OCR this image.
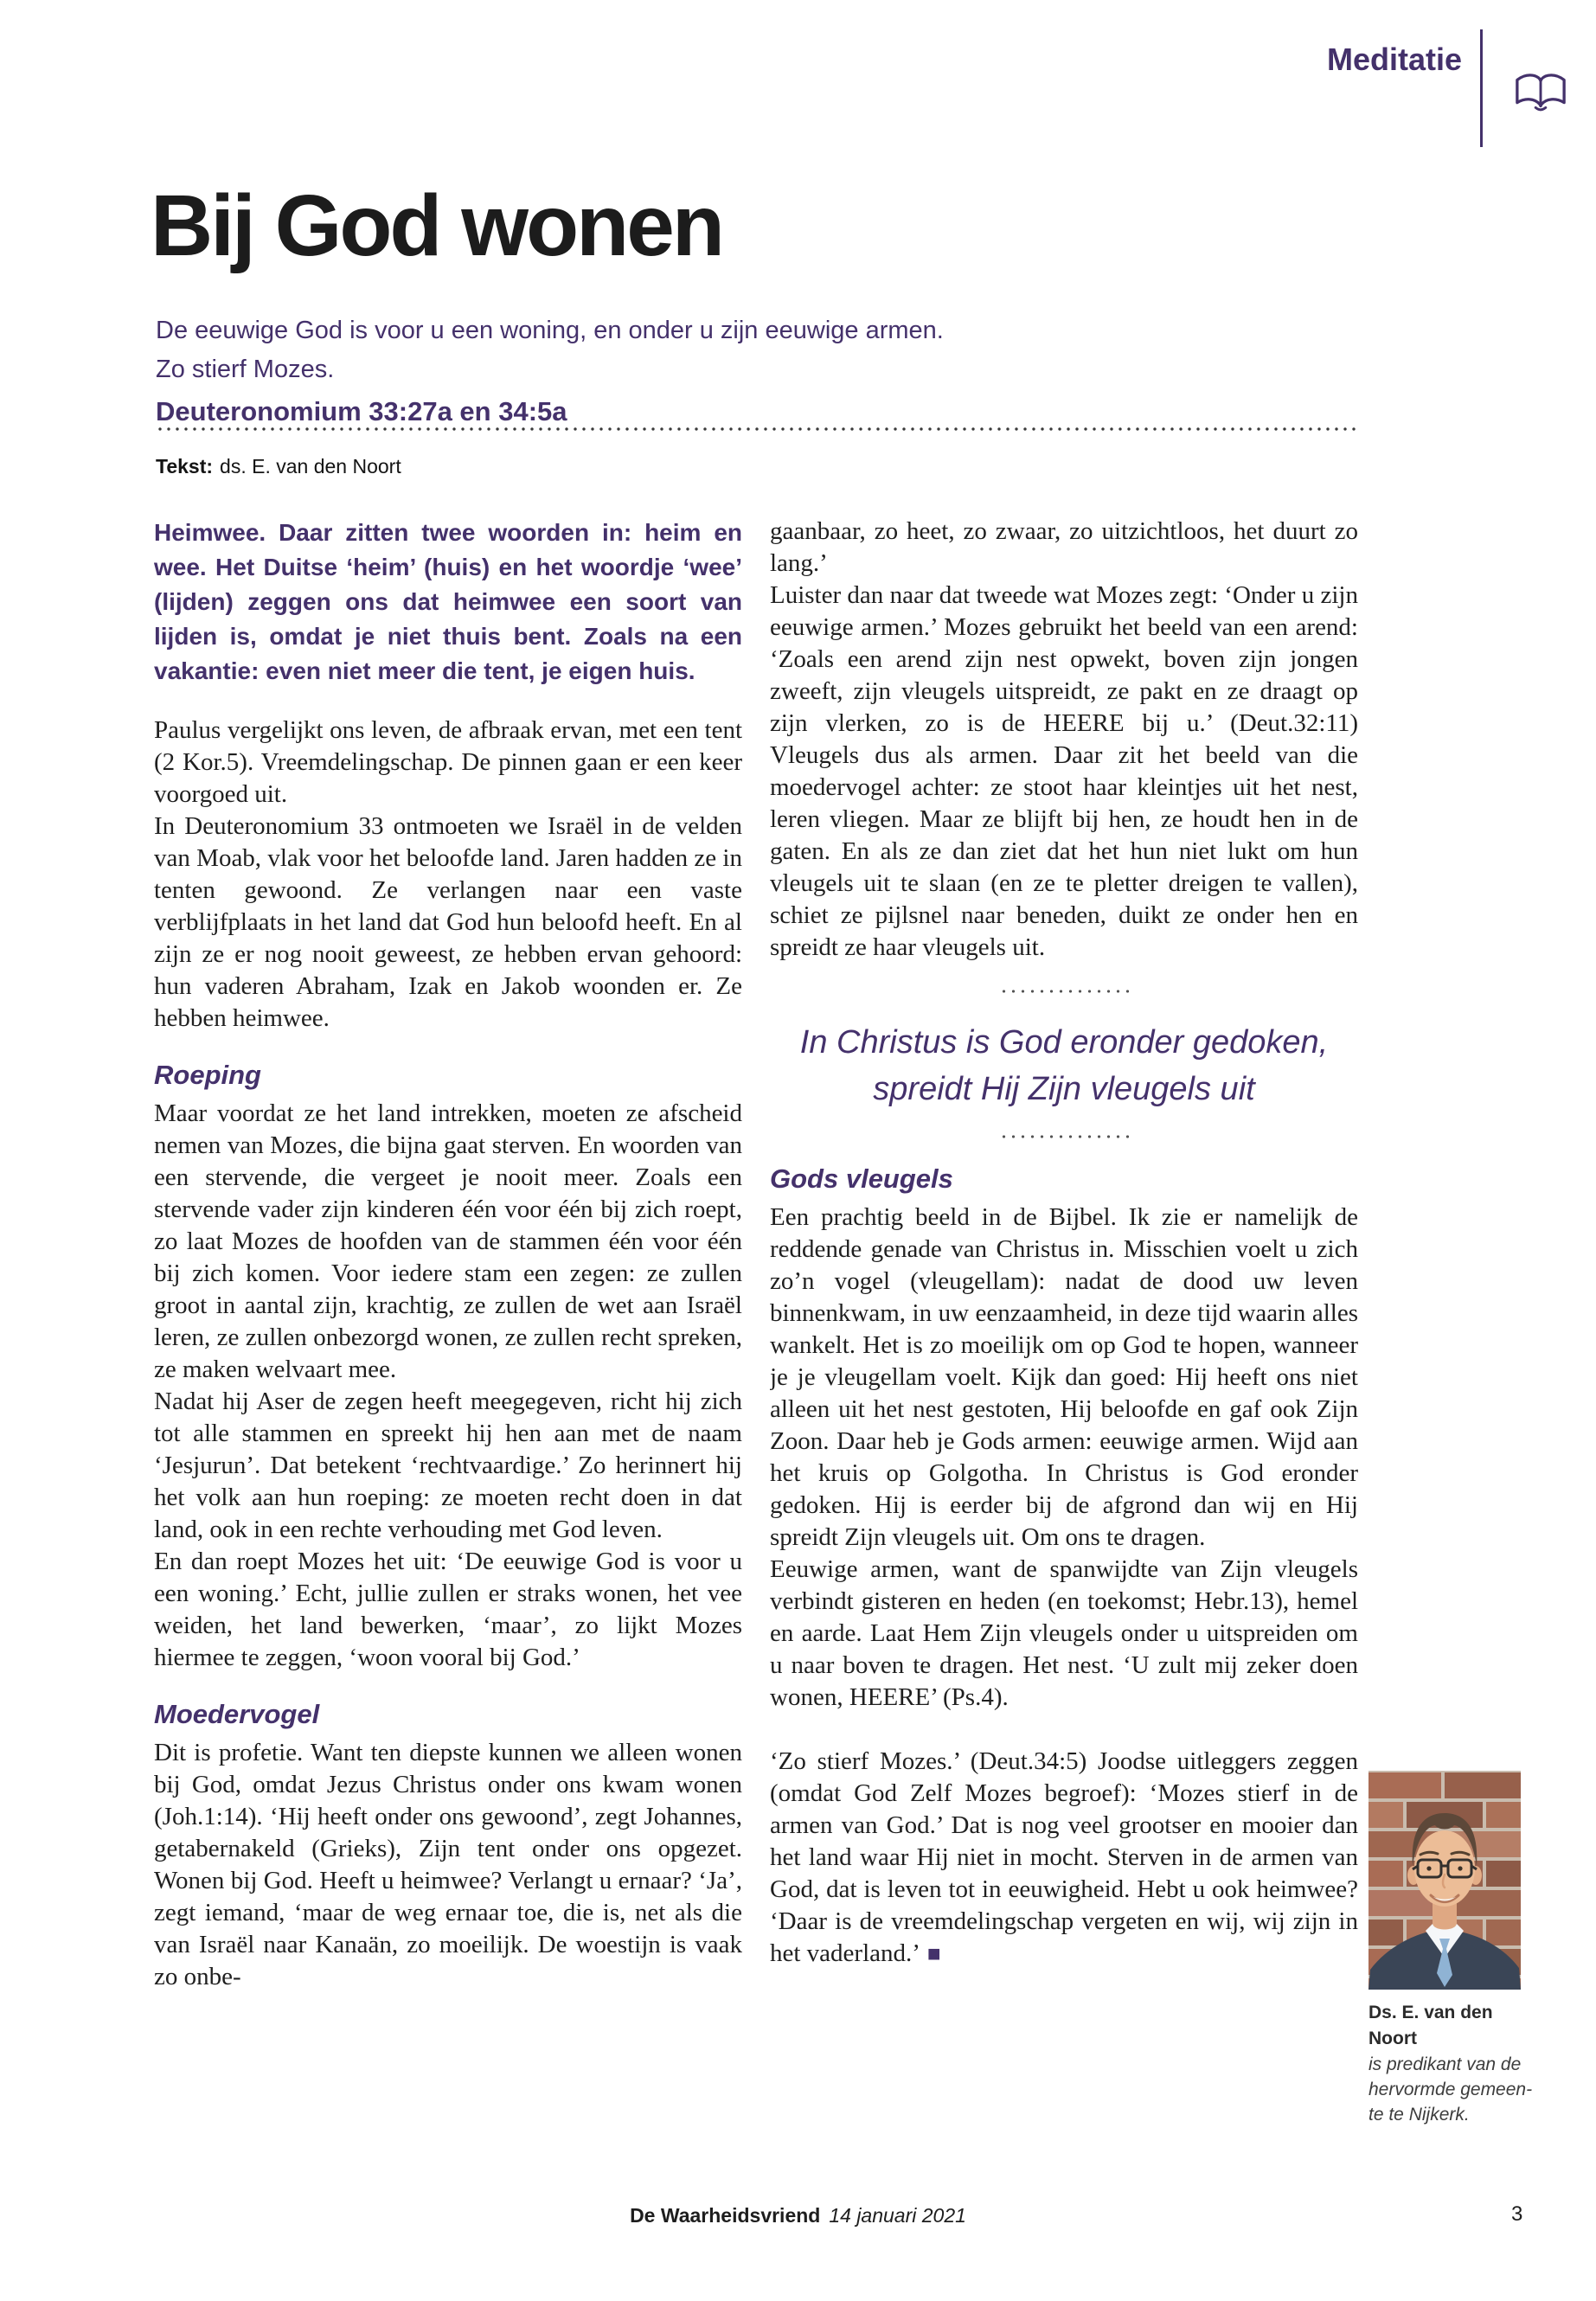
Meditatie
Bij God wonen
De eeuwige God is voor u een woning, en onder u zijn eeuwige armen.
Zo stierf Mozes.
Deuteronomium 33:27a en 34:5a
Tekst: ds. E. van den Noort

Heimwee. Daar zitten twee woorden in: heim en wee. Het Duitse ‘heim’ (huis) en het woordje ‘wee’ (lijden) zeggen ons dat heimwee een soort van lijden is, omdat je niet thuis bent. Zoals na een vakantie: even niet meer die tent, je eigen huis.

Paulus vergelijkt ons leven, de afbraak ervan, met een tent (2 Kor.5). Vreemdelingschap. De pinnen gaan er een keer voorgoed uit.

In Deuteronomium 33 ontmoeten we Israël in de velden van Moab, vlak voor het beloofde land. Jaren hadden ze in tenten gewoond. Ze verlangen naar een vaste verblijfplaats in het land dat God hun beloofd heeft. En al zijn ze er nog nooit geweest, ze hebben ervan gehoord: hun vaderen Abraham, Izak en Jakob woonden er. Ze hebben heimwee.

Roeping

Maar voordat ze het land intrekken, moeten ze afscheid nemen van Mozes, die bijna gaat sterven. En woorden van een stervende, die vergeet je nooit meer. Zoals een stervende vader zijn kinderen één voor één bij zich roept, zo laat Mozes de hoofden van de stammen één voor één bij zich komen. Voor iedere stam een zegen: ze zullen groot in aantal zijn, krachtig, ze zullen de wet aan Israël leren, ze zullen onbezorgd wonen, ze zullen recht spreken, ze maken welvaart mee.

Nadat hij Aser de zegen heeft meegegeven, richt hij zich tot alle stammen en spreekt hij hen aan met de naam ‘Jesjurun’. Dat betekent ‘rechtvaardige.’ Zo herinnert hij het volk aan hun roeping: ze moeten recht doen in dat land, ook in een rechte verhouding met God leven.

En dan roept Mozes het uit: ‘De eeuwige God is voor u een woning.’ Echt, jullie zullen er straks wonen, het vee weiden, het land bewerken, ‘maar’, zo lijkt Mozes hiermee te zeggen, ‘woon vooral bij God.’

Moedervogel

Dit is profetie. Want ten diepste kunnen we alleen wonen bij God, omdat Jezus Christus onder ons kwam wonen (Joh.1:14). ‘Hij heeft onder ons gewoond’, zegt Johannes, getabernakeld (Grieks), Zijn tent onder ons opgezet. Wonen bij God. Heeft u heimwee? Verlangt u ernaar? ‘Ja’, zegt iemand, ‘maar de weg ernaar toe, die is, net als die van Israël naar Kanaän, zo moeilijk. De woestijn is vaak zo onbe-

gaanbaar, zo heet, zo zwaar, zo uitzichtloos, het duurt zo lang.’

Luister dan naar dat tweede wat Mozes zegt: ‘Onder u zijn eeuwige armen.’ Mozes gebruikt het beeld van een arend: ‘Zoals een arend zijn nest opwekt, boven zijn jongen zweeft, zijn vleugels uitspreidt, ze pakt en ze draagt op zijn vlerken, zo is de HEERE bij u.’ (Deut.32:11) Vleugels dus als armen. Daar zit het beeld van die moedervogel achter: ze stoot haar kleintjes uit het nest, leren vliegen. Maar ze blijft bij hen, ze houdt hen in de gaten. En als ze dan ziet dat het hun niet lukt om hun vleugels uit te slaan (en ze te pletter dreigen te vallen), schiet ze pijlsnel naar beneden, duikt ze onder hen en spreidt ze haar vleugels uit.

In Christus is God eronder gedoken,
spreidt Hij Zijn vleugels uit

Gods vleugels

Een prachtig beeld in de Bijbel. Ik zie er namelijk de reddende genade van Christus in. Misschien voelt u zich zo’n vogel (vleugellam): nadat de dood uw leven binnenkwam, in uw eenzaamheid, in deze tijd waarin alles wankelt. Het is zo moeilijk om op God te hopen, wanneer je je vleugellam voelt. Kijk dan goed: Hij heeft ons niet alleen uit het nest gestoten, Hij beloofde en gaf ook Zijn Zoon. Daar heb je Gods armen: eeuwige armen. Wijd aan het kruis op Golgotha. In Christus is God eronder gedoken. Hij is eerder bij de afgrond dan wij en Hij spreidt Zijn vleugels uit. Om ons te dragen.

Eeuwige armen, want de spanwijdte van Zijn vleugels verbindt gisteren en heden (en toekomst; Hebr.13), hemel en aarde. Laat Hem Zijn vleugels onder u uitspreiden om u naar boven te dragen. Het nest. ‘U zult mij zeker doen wonen, HEERE’ (Ps.4).

‘Zo stierf Mozes.’ (Deut.34:5) Joodse uitleggers zeggen (omdat God Zelf Mozes begroef): ‘Mozes stierf in de armen van God.’ Dat is nog veel grootser en mooier dan het land waar Hij niet in mocht. Sterven in de armen van God, dat is leven tot in eeuwigheid. Hebt u ook heimwee? ‘Daar is de vreemdelingschap vergeten en wij, wij zijn in het vaderland.’ ■

Ds. E. van den Noort
is predikant van de
hervormde gemeen-
te te Nijkerk.
De Waarheidsvriend 14 januari 2021	3
